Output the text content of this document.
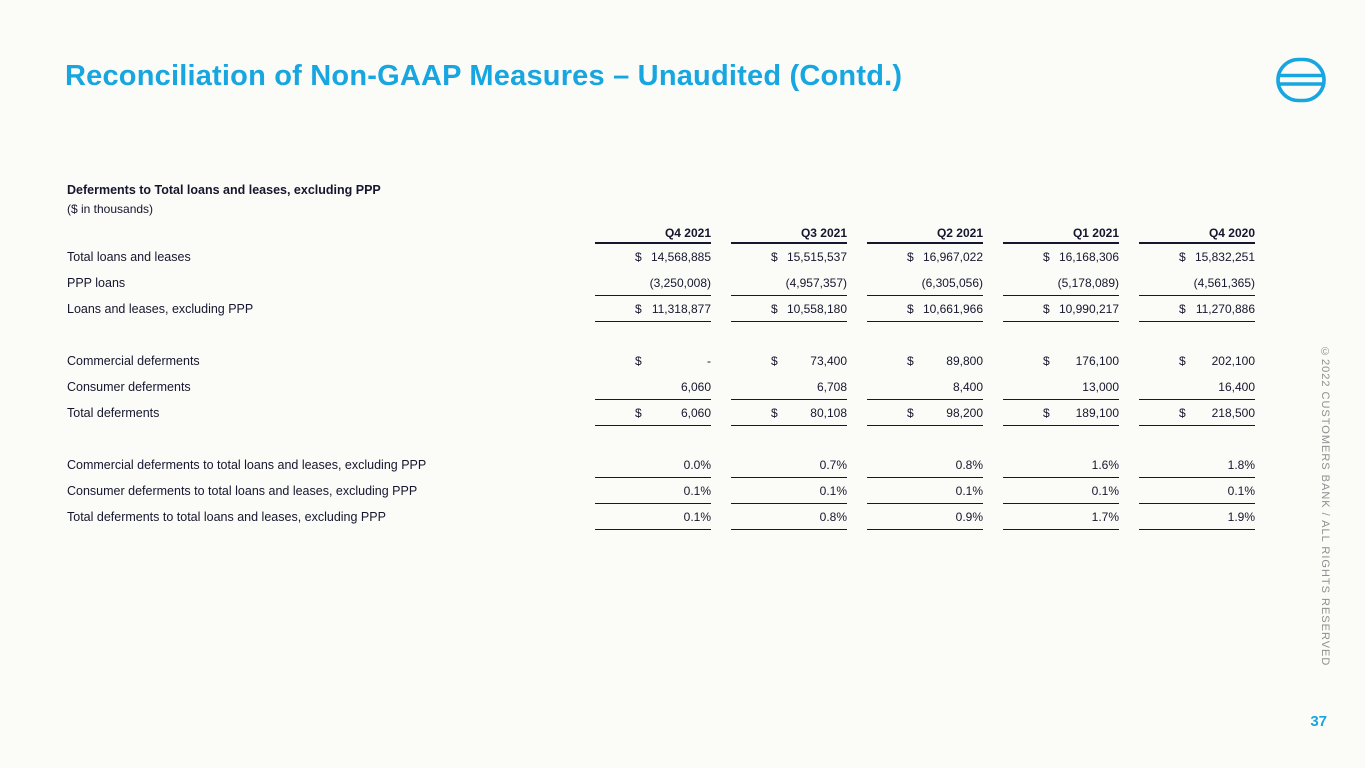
Reconciliation of Non-GAAP Measures – Unaudited (Contd.)
Deferments to Total loans and leases, excluding PPP
($ in thousands)

	Q4 2021	Q3 2021	Q2 2021	Q1 2021	Q4 2020

Total loans and leases	$ 14,568,885	$ 15,515,537	$ 16,967,022	$ 16,168,306	$ 15,832,251

PPP loans	(3,250,008)	(4,957,357)	(6,305,056)	(5,178,089)	(4,561,365)

Loans and leases, excluding PPP	$ 11,318,877	$ 10,558,180	$ 10,661,966	$ 10,990,217	$ 11,270,886

Commercial deferments	$ -	$ 73,400	$ 89,800	$ 176,100	$ 202,100

Consumer deferments	6,060	6,708	8,400	13,000	16,400

Total deferments	$ 6,060	$ 80,108	$ 98,200	$ 189,100	$ 218,500

Commercial deferments to total loans and leases, excluding PPP	0.0%	0.7%	0.8%	1.6%	1.8%

Consumer deferments to total loans and leases, excluding PPP	0.1%	0.1%	0.1%	0.1%	0.1%

Total deferments to total loans and leases, excluding PPP	0.1%	0.8%	0.9%	1.7%	1.9%	©2022 CUSTOMERS BANK / ALL RIGHTS RESERVED
37
